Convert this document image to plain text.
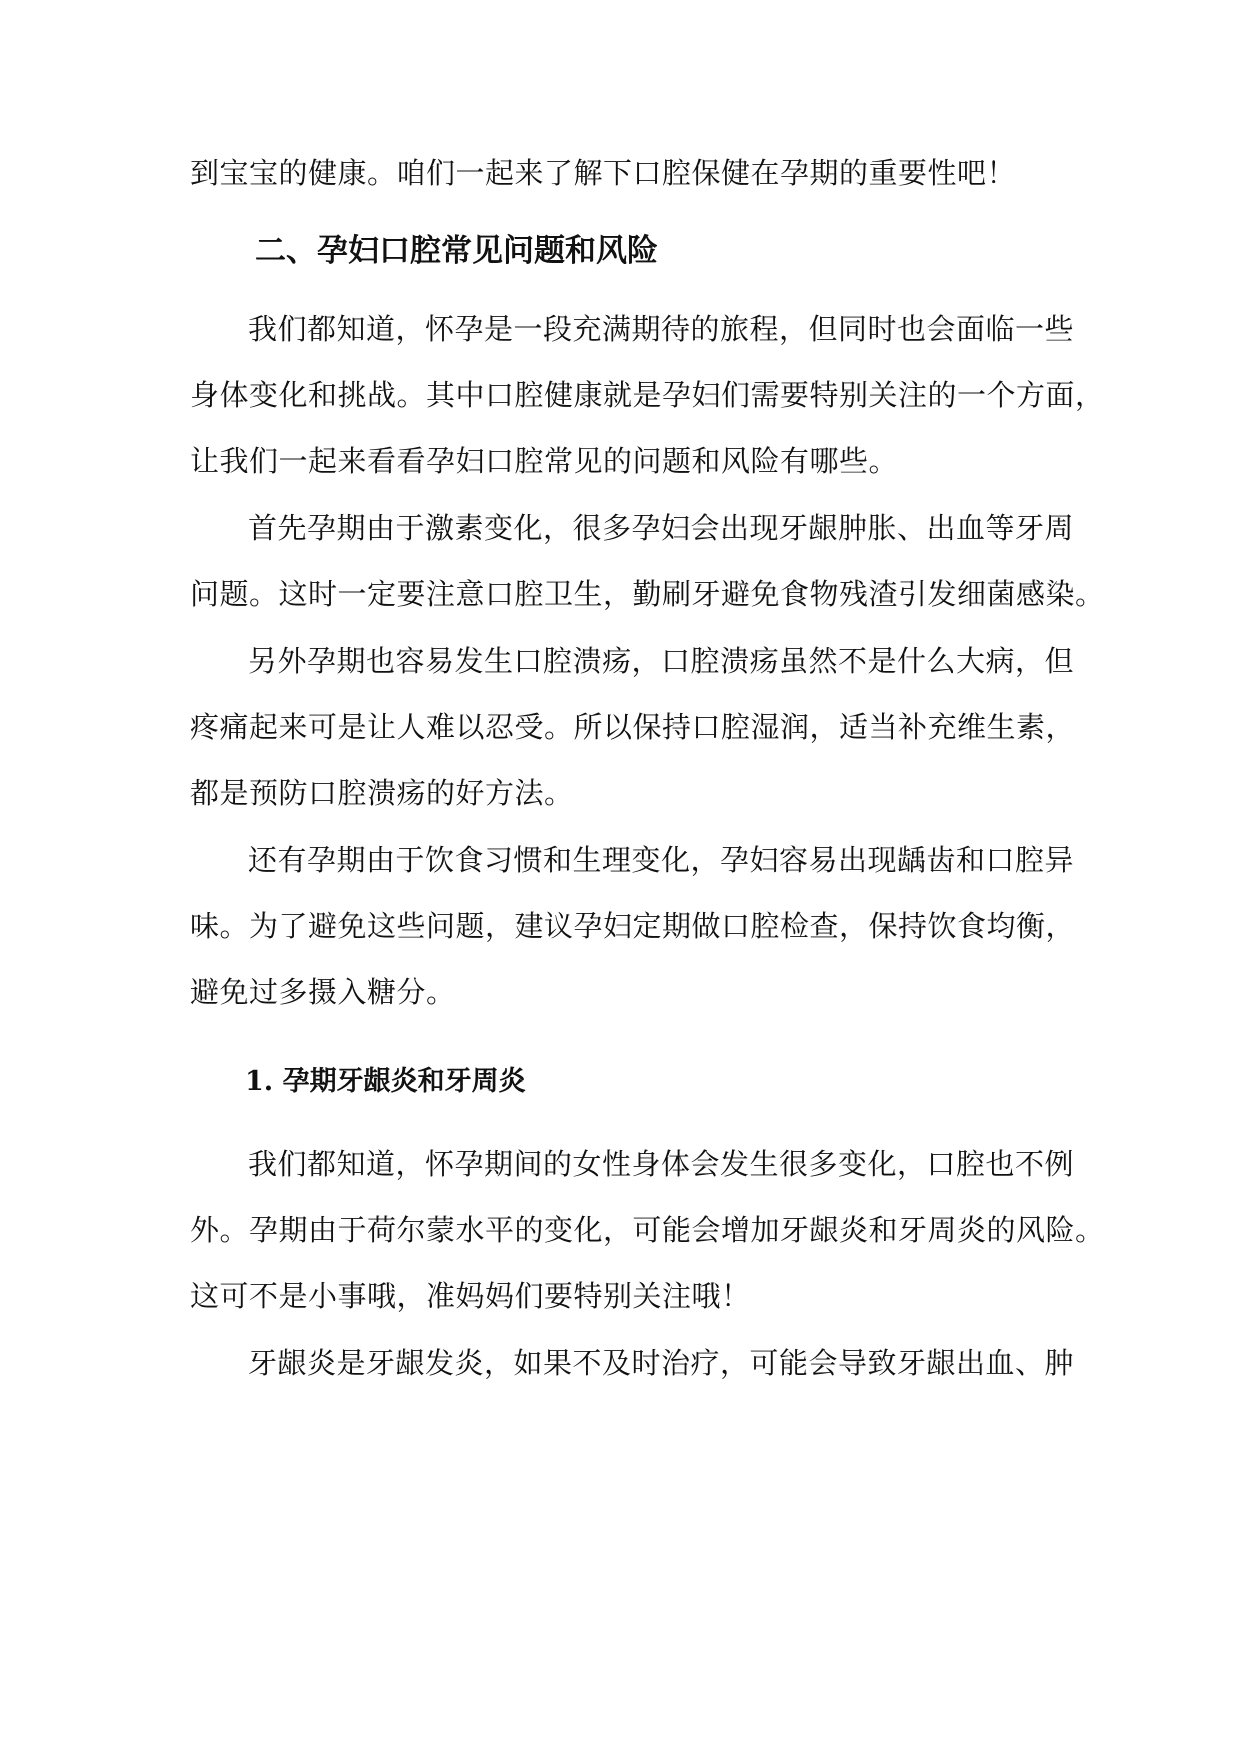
到宝宝的健康。咱们一起来了解下口腔保健在孕期的重要性吧！
二、孕妇口腔常见问题和风险
我们都知道，怀孕是一段充满期待的旅程，但同时也会面临一些
身体变化和挑战。其中口腔健康就是孕妇们需要特别关注的一个方面，
让我们一起来看看孕妇口腔常见的问题和风险有哪些。
首先孕期由于激素变化，很多孕妇会出现牙龈肿胀、出血等牙周
问题。这时一定要注意口腔卫生，勤刷牙避免食物残渣引发细菌感染。
另外孕期也容易发生口腔溃疡，口腔溃疡虽然不是什么大病，但
疼痛起来可是让人难以忍受。所以保持口腔湿润，适当补充维生素，
都是预防口腔溃疡的好方法。
还有孕期由于饮食习惯和生理变化，孕妇容易出现龋齿和口腔异
味。为了避免这些问题，建议孕妇定期做口腔检查，保持饮食均衡，
避免过多摄入糖分。
1. 孕期牙龈炎和牙周炎
我们都知道，怀孕期间的女性身体会发生很多变化，口腔也不例
外。孕期由于荷尔蒙水平的变化，可能会增加牙龈炎和牙周炎的风险。
这可不是小事哦，准妈妈们要特别关注哦！
牙龈炎是牙龈发炎，如果不及时治疗，可能会导致牙龈出血、肿
